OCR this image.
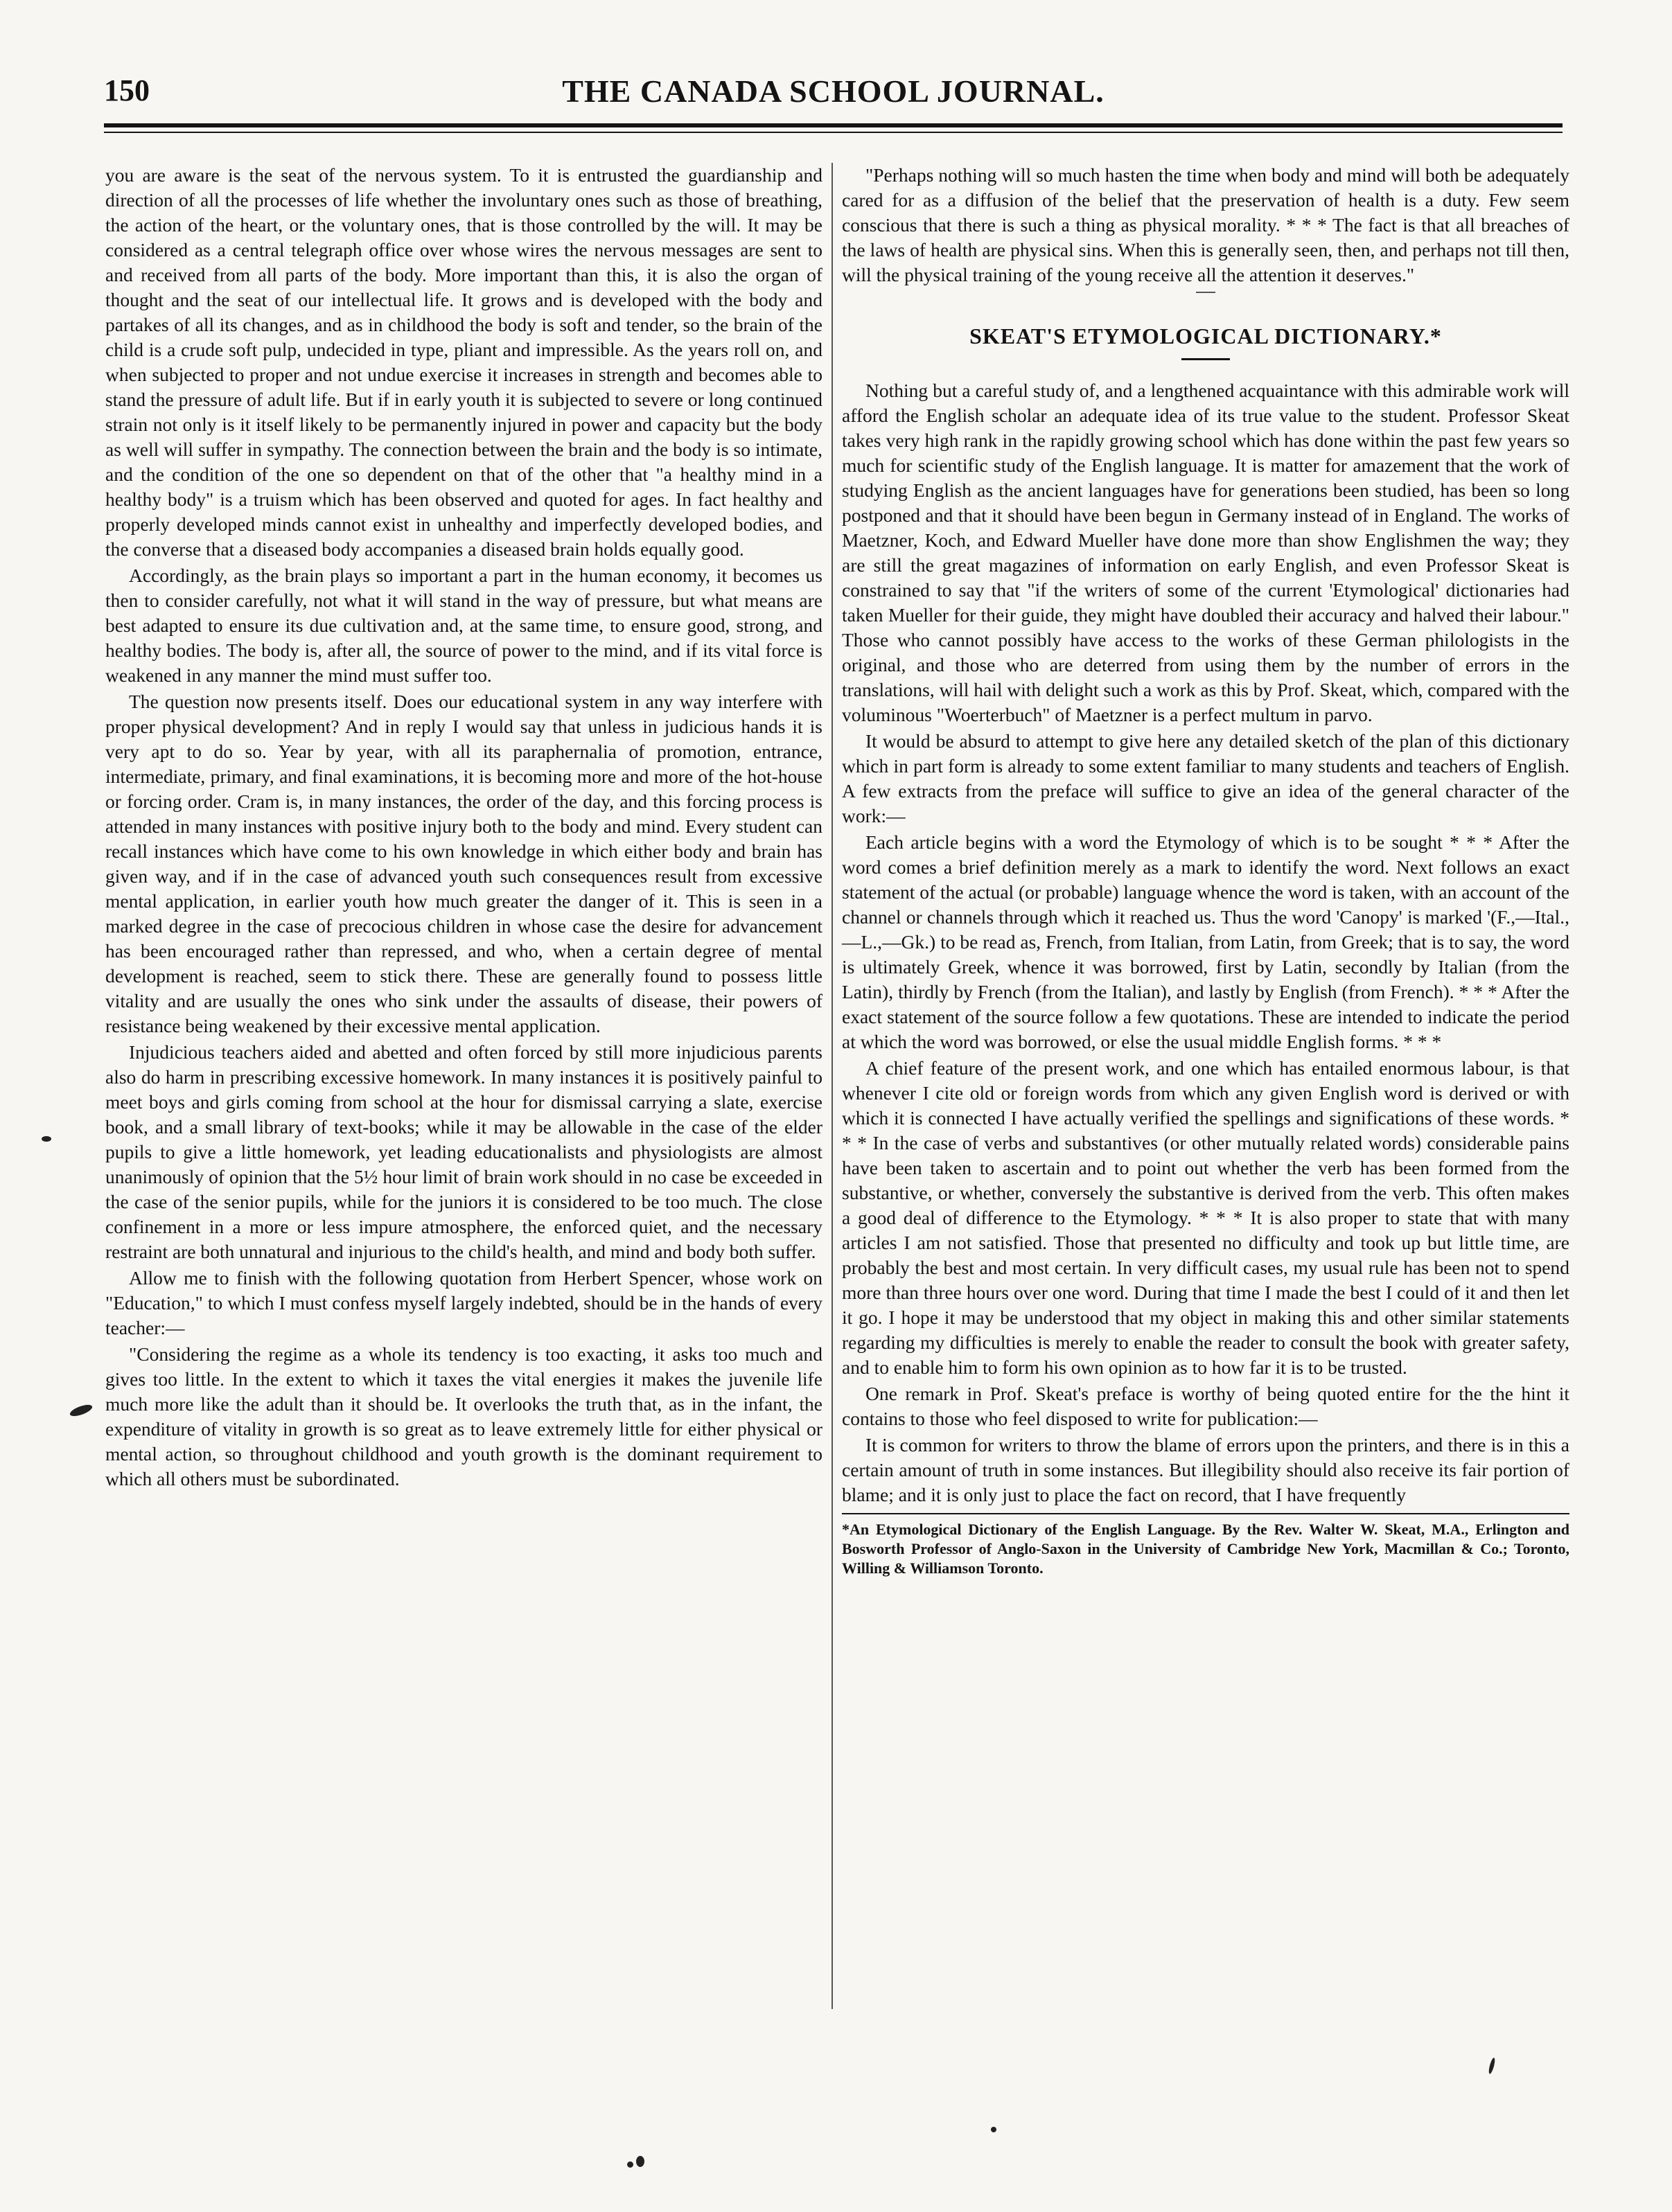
150	THE CANADA SCHOOL JOURNAL.

you are aware is the seat of the nervous system. To it is entrusted the guardianship and direction of all the processes of life whether the involuntary ones such as those of breathing, the action of the heart, or the voluntary ones, that is those controlled by the will. It may be considered as a central telegraph office over whose wires the nervous messages are sent to and received from all parts of the body. More important than this, it is also the organ of thought and the seat of our intellectual life. It grows and is developed with the body and partakes of all its changes, and as in childhood the body is soft and tender, so the brain of the child is a crude soft pulp, undecided in type, pliant and impressible. As the years roll on, and when subjected to proper and not undue exercise it increases in strength and becomes able to stand the pressure of adult life. But if in early youth it is subjected to severe or long continued strain not only is it itself likely to be permanently injured in power and capacity but the body as well will suffer in sympathy. The connection between the brain and the body is so intimate, and the condition of the one so dependent on that of the other that "a healthy mind in a healthy body" is a truism which has been observed and quoted for ages. In fact healthy and properly developed minds cannot exist in unhealthy and imperfectly developed bodies, and the converse that a diseased body accompanies a diseased brain holds equally good.

Accordingly, as the brain plays so important a part in the human economy, it becomes us then to consider carefully, not what it will stand in the way of pressure, but what means are best adapted to ensure its due cultivation and, at the same time, to ensure good, strong, and healthy bodies. The body is, after all, the source of power to the mind, and if its vital force is weakened in any manner the mind must suffer too.

The question now presents itself. Does our educational system in any way interfere with proper physical development? And in reply I would say that unless in judicious hands it is very apt to do so. Year by year, with all its paraphernalia of promotion, entrance, intermediate, primary, and final examinations, it is becoming more and more of the hot-house or forcing order. Cram is, in many instances, the order of the day, and this forcing process is attended in many instances with positive injury both to the body and mind. Every student can recall instances which have come to his own knowledge in which either body and brain has given way, and if in the case of advanced youth such consequences result from excessive mental application, in earlier youth how much greater the danger of it. This is seen in a marked degree in the case of precocious children in whose case the desire for advancement has been encouraged rather than repressed, and who, when a certain degree of mental development is reached, seem to stick there. These are generally found to possess little vitality and are usually the ones who sink under the assaults of disease, their powers of resistance being weakened by their excessive mental application.

Injudicious teachers aided and abetted and often forced by still more injudicious parents also do harm in prescribing excessive homework. In many instances it is positively painful to meet boys and girls coming from school at the hour for dismissal carrying a slate, exercise book, and a small library of text-books; while it may be allowable in the case of the elder pupils to give a little homework, yet leading educationalists and physiologists are almost unanimously of opinion that the 5½ hour limit of brain work should in no case be exceeded in the case of the senior pupils, while for the juniors it is considered to be too much. The close confinement in a more or less impure atmosphere, the enforced quiet, and the necessary restraint are both unnatural and injurious to the child's health, and mind and body both suffer.

Allow me to finish with the following quotation from Herbert Spencer, whose work on "Education," to which I must confess myself largely indebted, should be in the hands of every teacher:—

"Considering the regime as a whole its tendency is too exacting, it asks too much and gives too little. In the extent to which it taxes the vital energies it makes the juvenile life much more like the adult than it should be. It overlooks the truth that, as in the infant, the expenditure of vitality in growth is so great as to leave extremely little for either physical or mental action, so throughout childhood and youth growth is the dominant requirement to which all others must be subordinated.

"Perhaps nothing will so much hasten the time when body and mind will both be adequately cared for as a diffusion of the belief that the preservation of health is a duty. Few seem conscious that there is such a thing as physical morality. * * * The fact is that all breaches of the laws of health are physical sins. When this is generally seen, then, and perhaps not till then, will the physical training of the young receive all the attention it deserves."

SKEAT'S ETYMOLOGICAL DICTIONARY.*

Nothing but a careful study of, and a lengthened acquaintance with this admirable work will afford the English scholar an adequate idea of its true value to the student. Professor Skeat takes very high rank in the rapidly growing school which has done within the past few years so much for scientific study of the English language. It is matter for amazement that the work of studying English as the ancient languages have for generations been studied, has been so long postponed and that it should have been begun in Germany instead of in England. The works of Maetzner, Koch, and Edward Mueller have done more than show Englishmen the way; they are still the great magazines of information on early English, and even Professor Skeat is constrained to say that "if the writers of some of the current 'Etymological' dictionaries had taken Mueller for their guide, they might have doubled their accuracy and halved their labour." Those who cannot possibly have access to the works of these German philologists in the original, and those who are deterred from using them by the number of errors in the translations, will hail with delight such a work as this by Prof. Skeat, which, compared with the voluminous "Woerterbuch" of Maetzner is a perfect multum in parvo.

It would be absurd to attempt to give here any detailed sketch of the plan of this dictionary which in part form is already to some extent familiar to many students and teachers of English. A few extracts from the preface will suffice to give an idea of the general character of the work:—

Each article begins with a word the Etymology of which is to be sought * * * After the word comes a brief definition merely as a mark to identify the word. Next follows an exact statement of the actual (or probable) language whence the word is taken, with an account of the channel or channels through which it reached us. Thus the word 'Canopy' is marked '(F.,—Ital.,—L.,—Gk.) to be read as, French, from Italian, from Latin, from Greek; that is to say, the word is ultimately Greek, whence it was borrowed, first by Latin, secondly by Italian (from the Latin), thirdly by French (from the Italian), and lastly by English (from French). * * * After the exact statement of the source follow a few quotations. These are intended to indicate the period at which the word was borrowed, or else the usual middle English forms. * * *

A chief feature of the present work, and one which has entailed enormous labour, is that whenever I cite old or foreign words from which any given English word is derived or with which it is connected I have actually verified the spellings and significations of these words. * * * In the case of verbs and substantives (or other mutually related words) considerable pains have been taken to ascertain and to point out whether the verb has been formed from the substantive, or whether, conversely the substantive is derived from the verb. This often makes a good deal of difference to the Etymology. * * * It is also proper to state that with many articles I am not satisfied. Those that presented no difficulty and took up but little time, are probably the best and most certain. In very difficult cases, my usual rule has been not to spend more than three hours over one word. During that time I made the best I could of it and then let it go. I hope it may be understood that my object in making this and other similar statements regarding my difficulties is merely to enable the reader to consult the book with greater safety, and to enable him to form his own opinion as to how far it is to be trusted.

One remark in Prof. Skeat's preface is worthy of being quoted entire for the the hint it contains to those who feel disposed to write for publication:—

It is common for writers to throw the blame of errors upon the printers, and there is in this a certain amount of truth in some instances. But illegibility should also receive its fair portion of blame; and it is only just to place the fact on record, that I have frequently

*An Etymological Dictionary of the English Language. By the Rev. Walter W. Skeat, M.A., Erlington and Bosworth Professor of Anglo-Saxon in the University of Cambridge New York, Macmillan & Co.; Toronto, Willing & Williamson Toronto.
